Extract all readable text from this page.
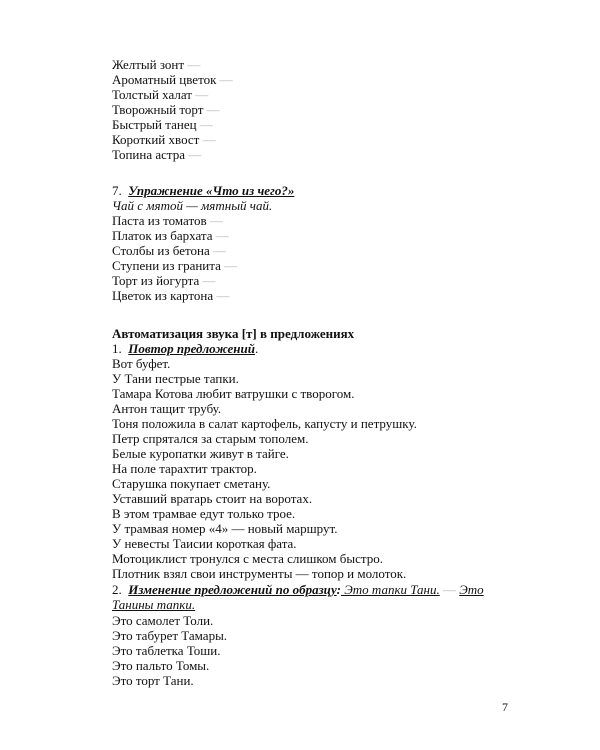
Желтый зонт —
Ароматный цветок —
Толстый халат —
Творожный торт —
Быстрый танец —
Короткий хвост —
Топина астра —
7. Упражнение «Что из чего?»
Чай с мятой — мятный чай.
Паста из томатов —
Платок из бархата —
Столбы из бетона —
Ступени из гранита —
Торт из йогурта —
Цветок из картона —
Автоматизация звука [т] в предложениях
1. Повтор предложений.
Вот буфет.
У Тани пестрые тапки.
Тамара Котова любит ватрушки с творогом.
Антон тащит трубу.
Тоня положила в салат картофель, капусту и петрушку.
Петр спрятался за старым тополем.
Белые куропатки живут в тайге.
На поле тарахтит трактор.
Старушка покупает сметану.
Уставший вратарь стоит на воротах.
В этом трамвае едут только трое.
У трамвая номер «4» — новый маршрут.
У невесты Таисии короткая фата.
Мотоциклист тронулся с места слишком быстро.
Плотник взял свои инструменты — топор и молоток.
2. Изменение предложений по образцу: Это тапки Тани. — Это Танины тапки.
Это самолет Толи.
Это табурет Тамары.
Это таблетка Тоши.
Это пальто Томы.
Это торт Тани.
7
